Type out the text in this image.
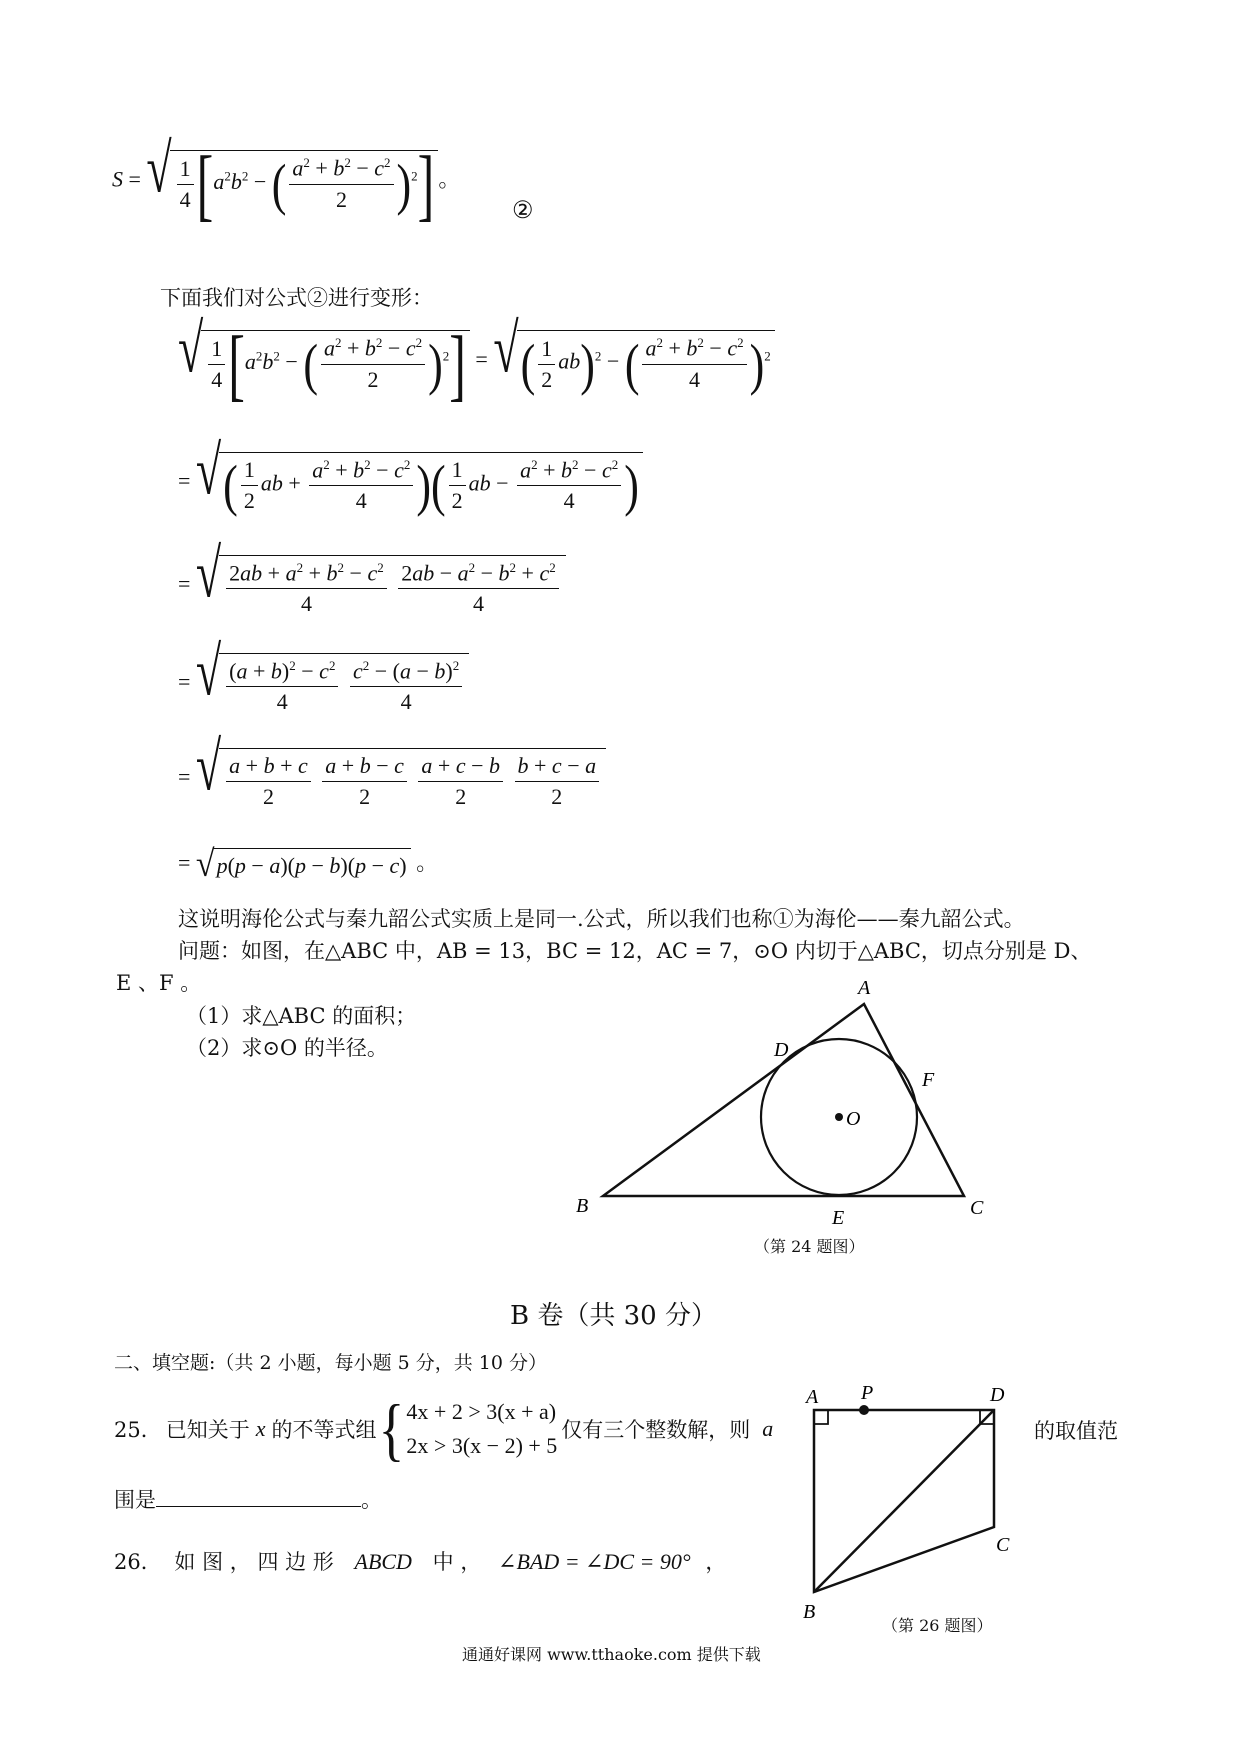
S = √ $\frac{1}{4} [a^2b^2$ − ( $\frac{a^2 + b^2 - c^2}{2} )^2$] 。
②
下面我们对公式②进行变形：
√ $\frac{1}{4} [a^2b^2$ − ( $\frac{a^2 + b^2 - c^2}{2} )^2$] = √ ( $\frac{1}{2} ab)^2$ − ( $\frac{a^2 + b^2 - c^2}{4} )^2$
= √ ( $\frac{1}{2}$ ab + $\frac{a^2 + b^2 - c^2}{4}$ )( $\frac{1}{2}$ ab − $\frac{a^2 + b^2 - c^2}{4}$ )
= √ $\frac{2ab + a^2 + b^2 - c^2}{4}$
$\frac{2ab - a^2 - b^2 + c^2}{4}$
= √ $\frac{(a + b)^2 - c^2}{4}$
$\frac{c^2 - (a - b)^2}{4}$
= √ $\frac{a + b + c}{2}$
$\frac{a + b - c}{2}$
$\frac{a + c - b}{2}$
$\frac{b + c - a}{2}$
= √ p(p − a)(p − b)(p − c) 。
这说明海伦公式与秦九韶公式实质上是同一.公式，所以我们也称①为海伦——秦九韶公式。
问题：如图，在△ABC 中，AB = 13，BC = 12，AC = 7，⊙O 内切于△ABC，切点分别是 D、
E 、F 。
（1）求△ABC 的面积；
（2）求⊙O 的半径。
A
B	C
D
E
F
O
（第 24 题图）
B 卷（共 30 分）
二、填空题:（共 2 小题，每小题 5 分，共 10 分）
25． 已知关于 x 的不等式组 { 4x + 2 > 3(x + a)
2x > 3(x − 2) + 5
仅有三个整数解，则 a	的取值范
围是	。
26． 如 图 ， 四 边 形 ABCD 中 ， ∠BAD = ∠DC = 90° ，
A P	D
C
B
（第 26 题图）
通通好课网 www.tthaoke.com 提供下载
